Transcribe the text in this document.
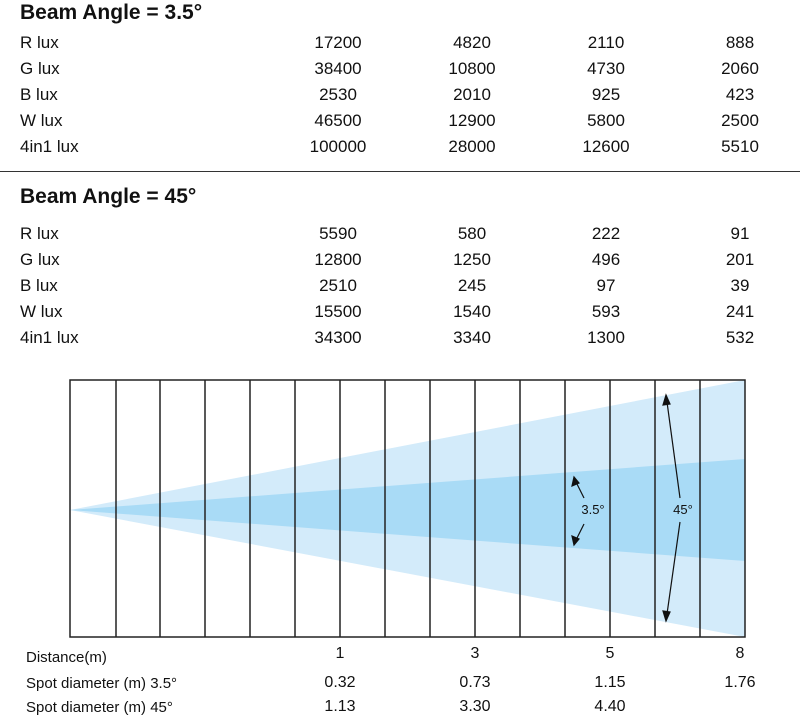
Beam Angle = 3.5°
R lux	17200	4820	2110	888
G lux	38400	10800	4730	2060
B lux	2530	2010	925	423
W lux	46500	12900	5800	2500
4in1 lux	100000	28000	12600	5510
Beam Angle = 45°
R lux	5590	580	222	91
G lux	12800	1250	496	201
B lux	2510	245	97	39
W lux	15500	1540	593	241
4in1 lux	34300	3340	1300	532
3.5°	45°
Distance(m)	1	3	5	8
Spot diameter (m) 3.5°	0.32	0.73	1.15	1.76
Spot diameter (m) 45°	1.13	3.30	4.40
